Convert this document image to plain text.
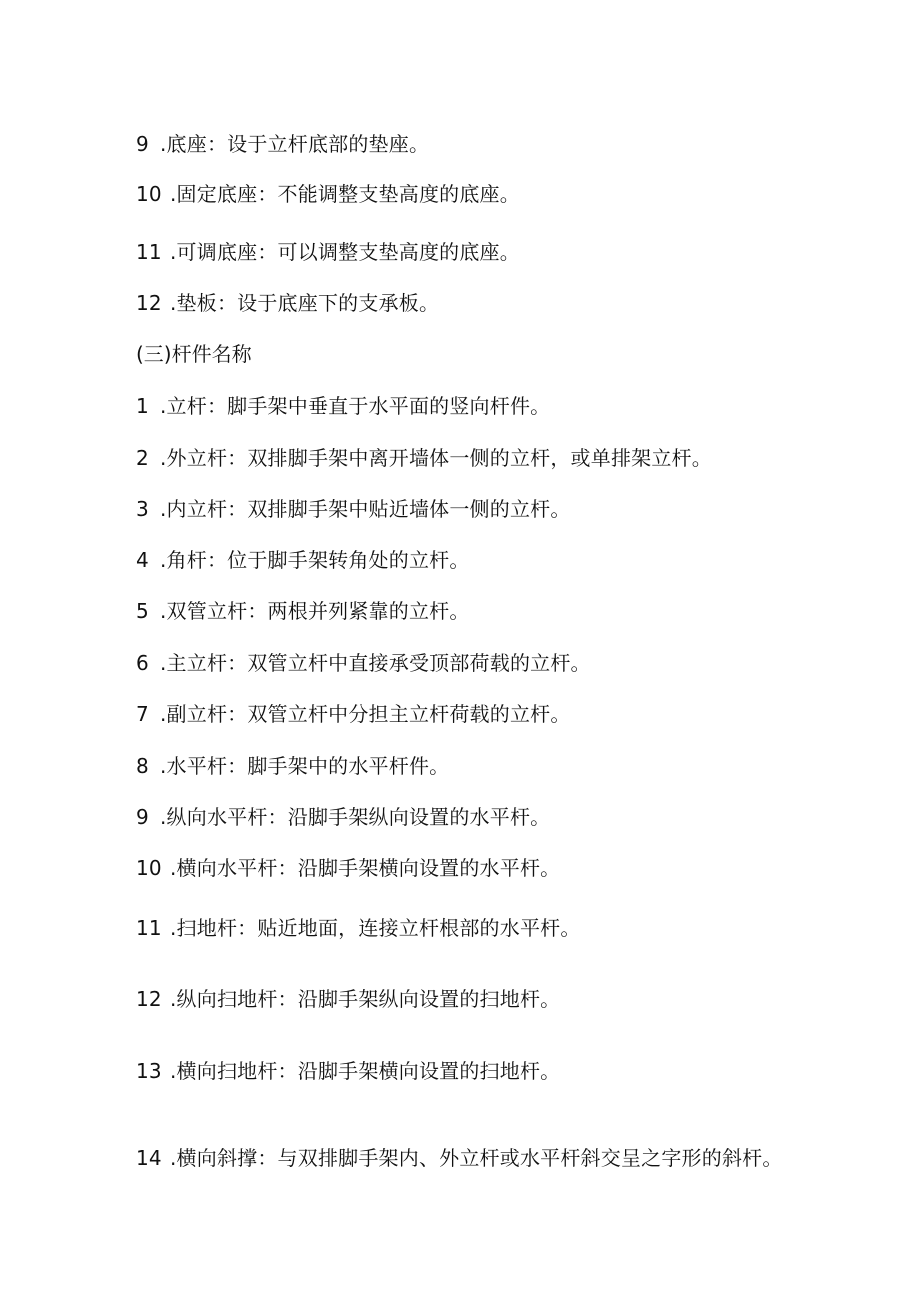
9 .底座：设于立杆底部的垫座。
10 .固定底座：不能调整支垫高度的底座。
11 .可调底座：可以调整支垫高度的底座。
12 .垫板：设于底座下的支承板。
(三)杆件名称
1 .立杆：脚手架中垂直于水平面的竖向杆件。
2 .外立杆：双排脚手架中离开墙体一侧的立杆，或单排架立杆。
3 .内立杆：双排脚手架中贴近墙体一侧的立杆。
4 .角杆：位于脚手架转角处的立杆。
5 .双管立杆：两根并列紧靠的立杆。
6 .主立杆：双管立杆中直接承受顶部荷载的立杆。
7 .副立杆：双管立杆中分担主立杆荷载的立杆。
8 .水平杆：脚手架中的水平杆件。
9 .纵向水平杆：沿脚手架纵向设置的水平杆。
10 .横向水平杆：沿脚手架横向设置的水平杆。
11 .扫地杆：贴近地面，连接立杆根部的水平杆。
12 .纵向扫地杆：沿脚手架纵向设置的扫地杆。
13 .横向扫地杆：沿脚手架横向设置的扫地杆。
14 .横向斜撑：与双排脚手架内、外立杆或水平杆斜交呈之字形的斜杆。
